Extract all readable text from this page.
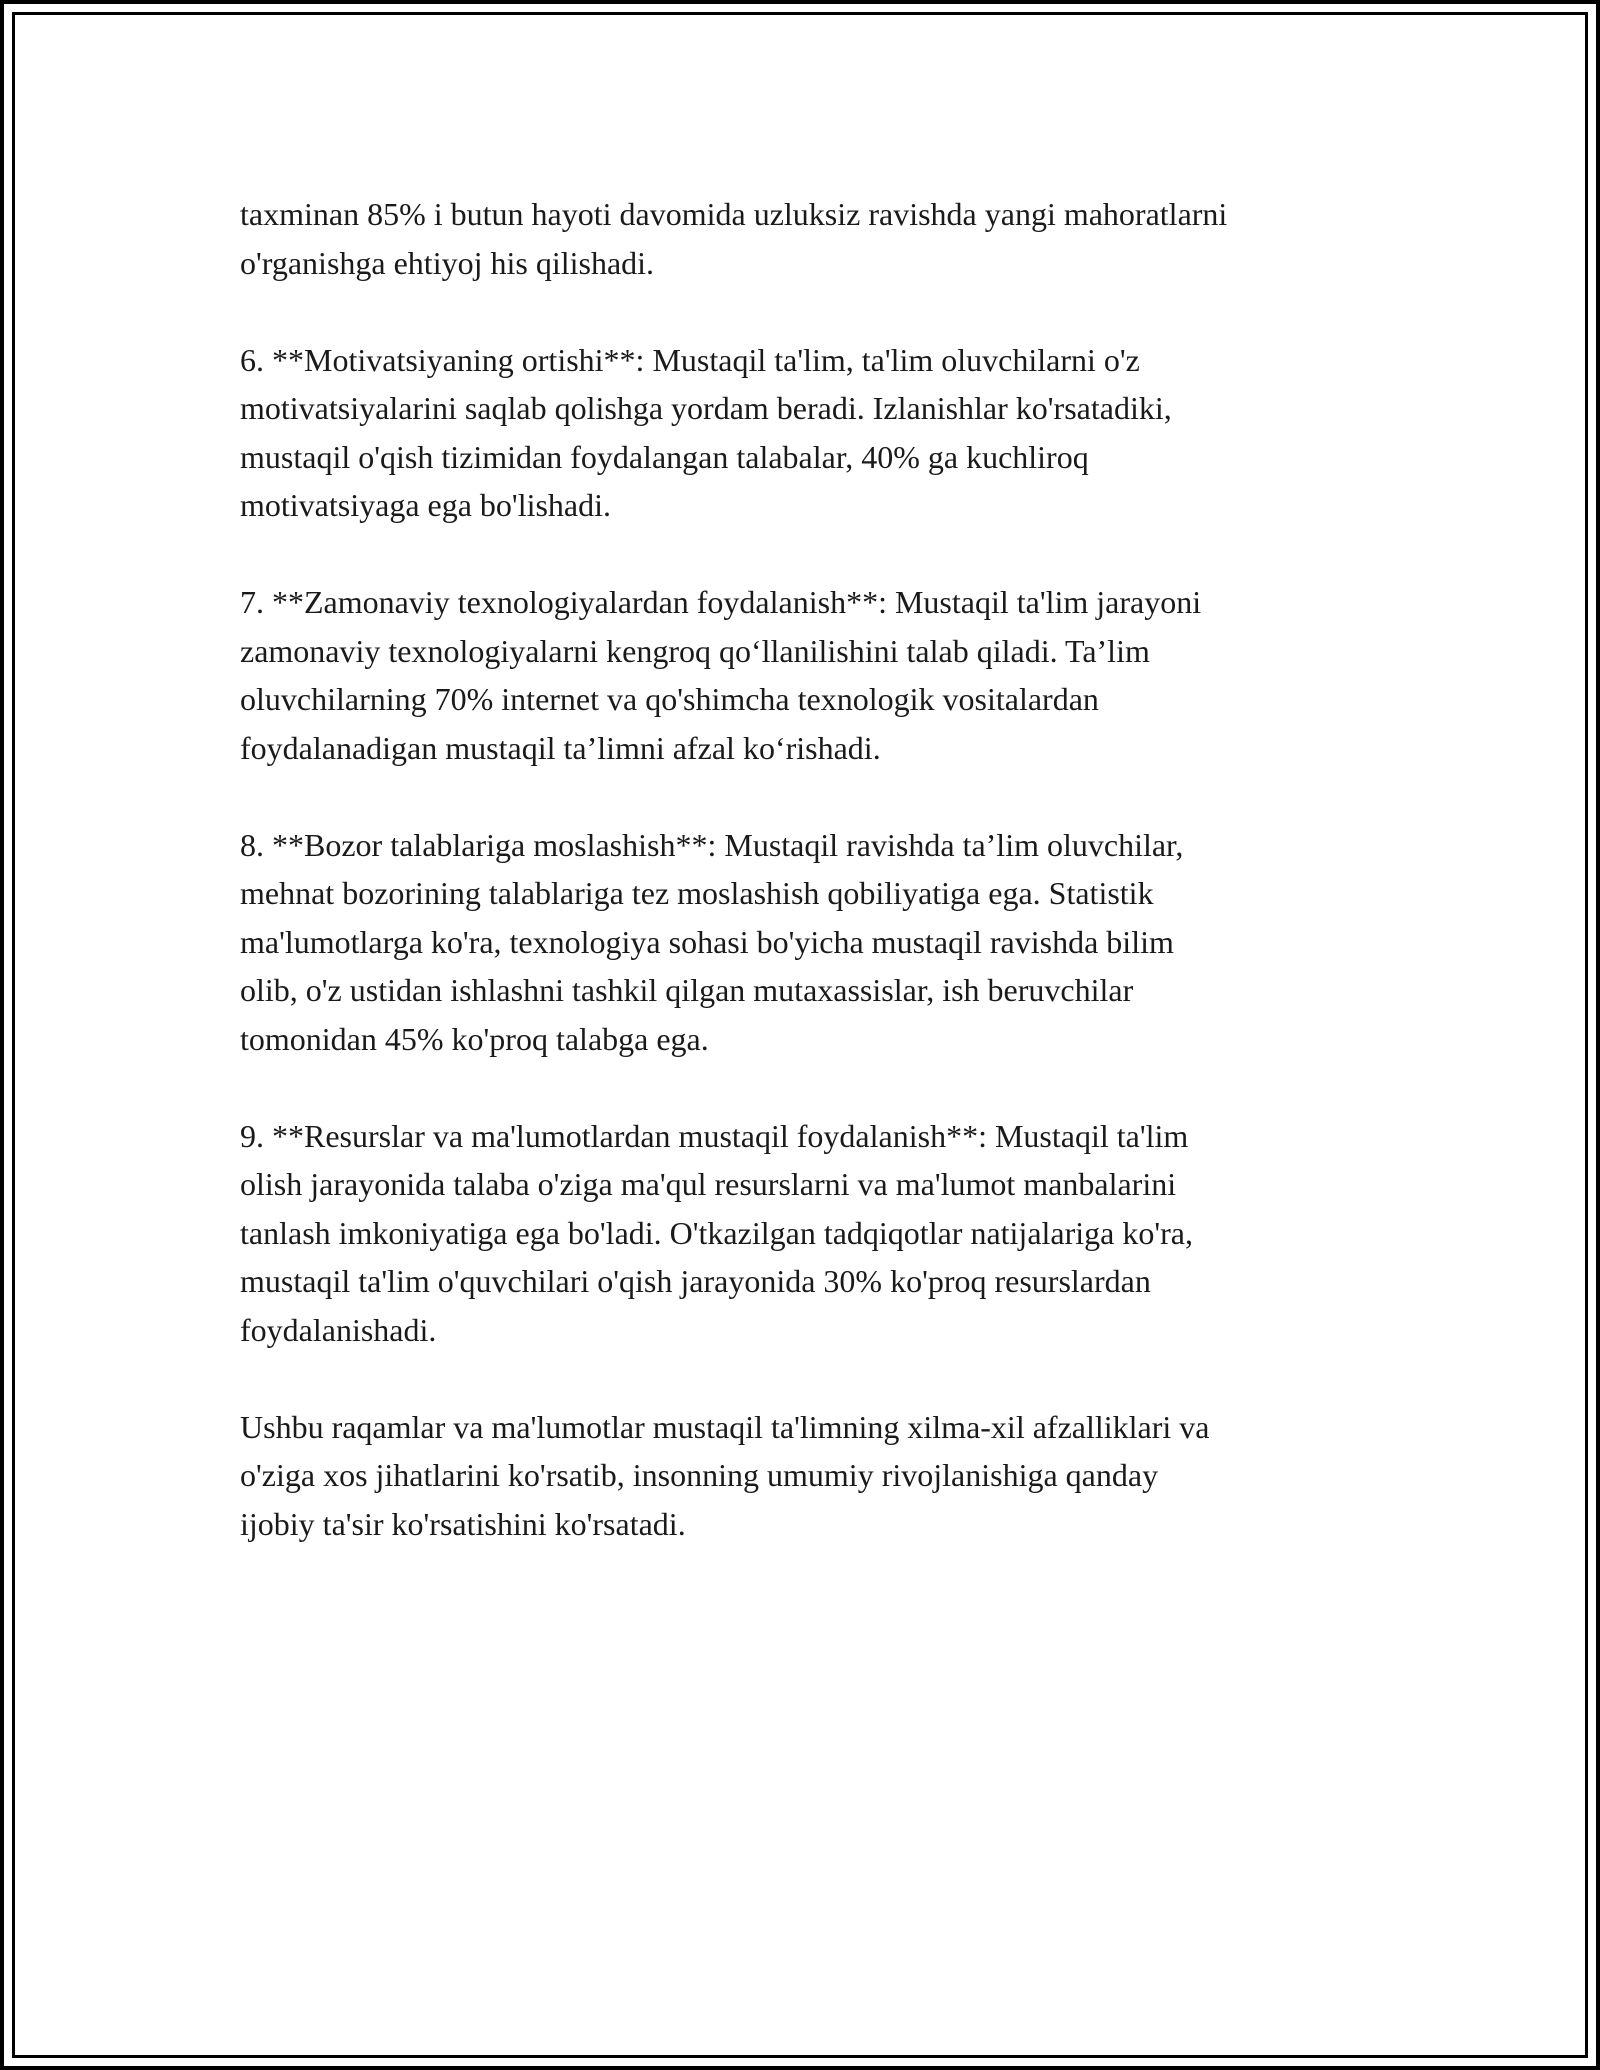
taxminan 85% i butun hayoti davomida uzluksiz ravishda yangi mahoratlarni
o'rganishga ehtiyoj his qilishadi.

6. **Motivatsiyaning ortishi**: Mustaqil ta'lim, ta'lim oluvchilarni o'z
motivatsiyalarini saqlab qolishga yordam beradi. Izlanishlar ko'rsatadiki,
mustaqil o'qish tizimidan foydalangan talabalar, 40% ga kuchliroq
motivatsiyaga ega bo'lishadi.

7. **Zamonaviy texnologiyalardan foydalanish**: Mustaqil ta'lim jarayoni
zamonaviy texnologiyalarni kengroq qo‘llanilishini talab qiladi. Ta’lim
oluvchilarning 70% internet va qo'shimcha texnologik vositalardan
foydalanadigan mustaqil ta’limni afzal ko‘rishadi.

8. **Bozor talablariga moslashish**: Mustaqil ravishda ta’lim oluvchilar,
mehnat bozorining talablariga tez moslashish qobiliyatiga ega. Statistik
ma'lumotlarga ko'ra, texnologiya sohasi bo'yicha mustaqil ravishda bilim
olib, o'z ustidan ishlashni tashkil qilgan mutaxassislar, ish beruvchilar
tomonidan 45% ko'proq talabga ega.

9. **Resurslar va ma'lumotlardan mustaqil foydalanish**: Mustaqil ta'lim
olish jarayonida talaba o'ziga ma'qul resurslarni va ma'lumot manbalarini
tanlash imkoniyatiga ega bo'ladi. O'tkazilgan tadqiqotlar natijalariga ko'ra,
mustaqil ta'lim o'quvchilari o'qish jarayonida 30% ko'proq resurslardan
foydalanishadi.

Ushbu raqamlar va ma'lumotlar mustaqil ta'limning xilma-xil afzalliklari va
o'ziga xos jihatlarini ko'rsatib, insonning umumiy rivojlanishiga qanday
ijobiy ta'sir ko'rsatishini ko'rsatadi.
